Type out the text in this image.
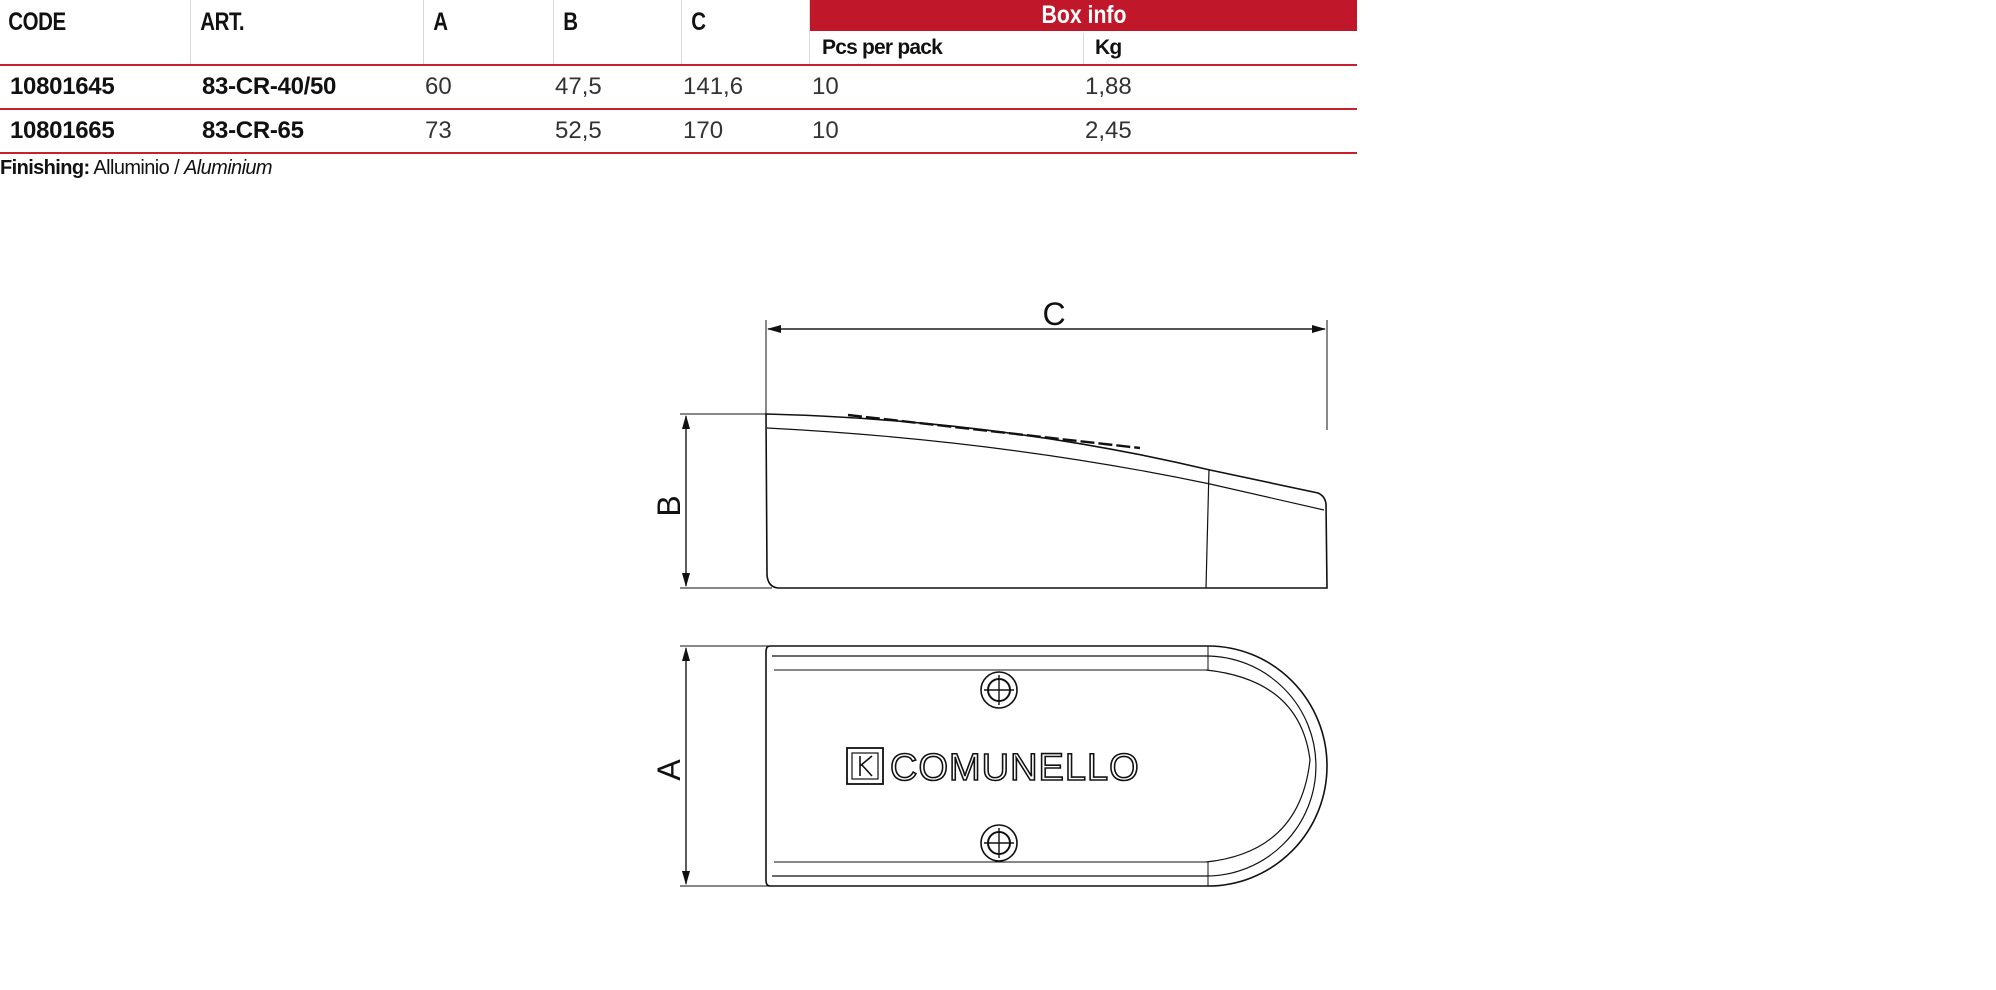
CODE	ART.	A	B	C	Box info
Pcs per pack	Kg
10801645	83-CR-40/50	60	47,5	141,6	10	1,88
10801665	83-CR-65	73	52,5	170	10	2,45
Finishing: Alluminio / Aluminium
C
B
A	COMUNELLO
